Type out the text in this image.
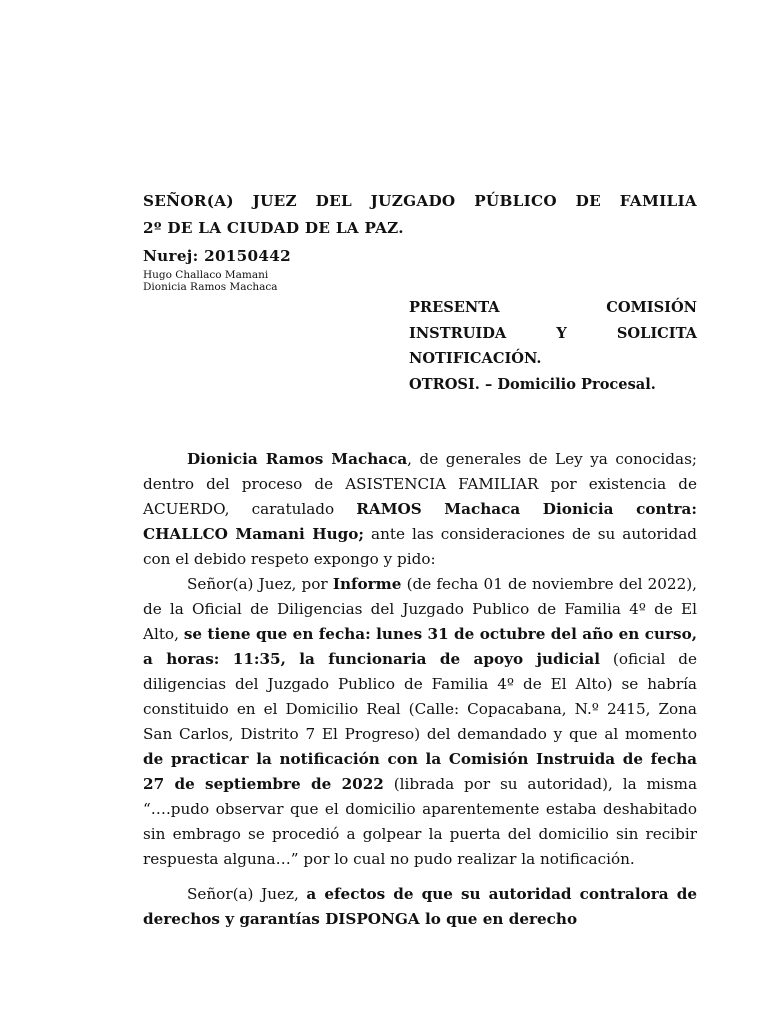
SEÑOR(A) JUEZ DEL JUZGADO PÚBLICO DE FAMILIA
2º DE LA CIUDAD DE LA PAZ.
Nurej: 20150442
Hugo Challaco Mamani
Dionicia Ramos Machaca
PRESENTA COMISIÓN
INSTRUIDA Y SOLICITA
NOTIFICACIÓN.
OTROSI. – Domicilio Procesal.

Dionicia Ramos Machaca, de generales de Ley ya conocidas; dentro del proceso de ASISTENCIA FAMILIAR por existencia de ACUERDO, caratulado RAMOS Machaca Dionicia contra: CHALLCO Mamani Hugo; ante las consideraciones de su autoridad con el debido respeto expongo y pido:

Señor(a) Juez, por Informe (de fecha 01 de noviembre del 2022), de la Oficial de Diligencias del Juzgado Publico de Familia 4º de El Alto, se tiene que en fecha: lunes 31 de octubre del año en curso, a horas: 11:35, la funcionaria de apoyo judicial (oficial de diligencias del Juzgado Publico de Familia 4º de El Alto) se habría constituido en el Domicilio Real (Calle: Copacabana, N.º 2415, Zona San Carlos, Distrito 7 El Progreso) del demandado y que al momento de practicar la notificación con la Comisión Instruida de fecha 27 de septiembre de 2022 (librada por su autoridad), la misma “….pudo observar que el domicilio aparentemente estaba deshabitado sin embrago se procedió a golpear la puerta del domicilio sin recibir respuesta alguna…” por lo cual no pudo realizar la notificación.

Señor(a) Juez, a efectos de que su autoridad contralora de derechos y garantías DISPONGA lo que en derecho
